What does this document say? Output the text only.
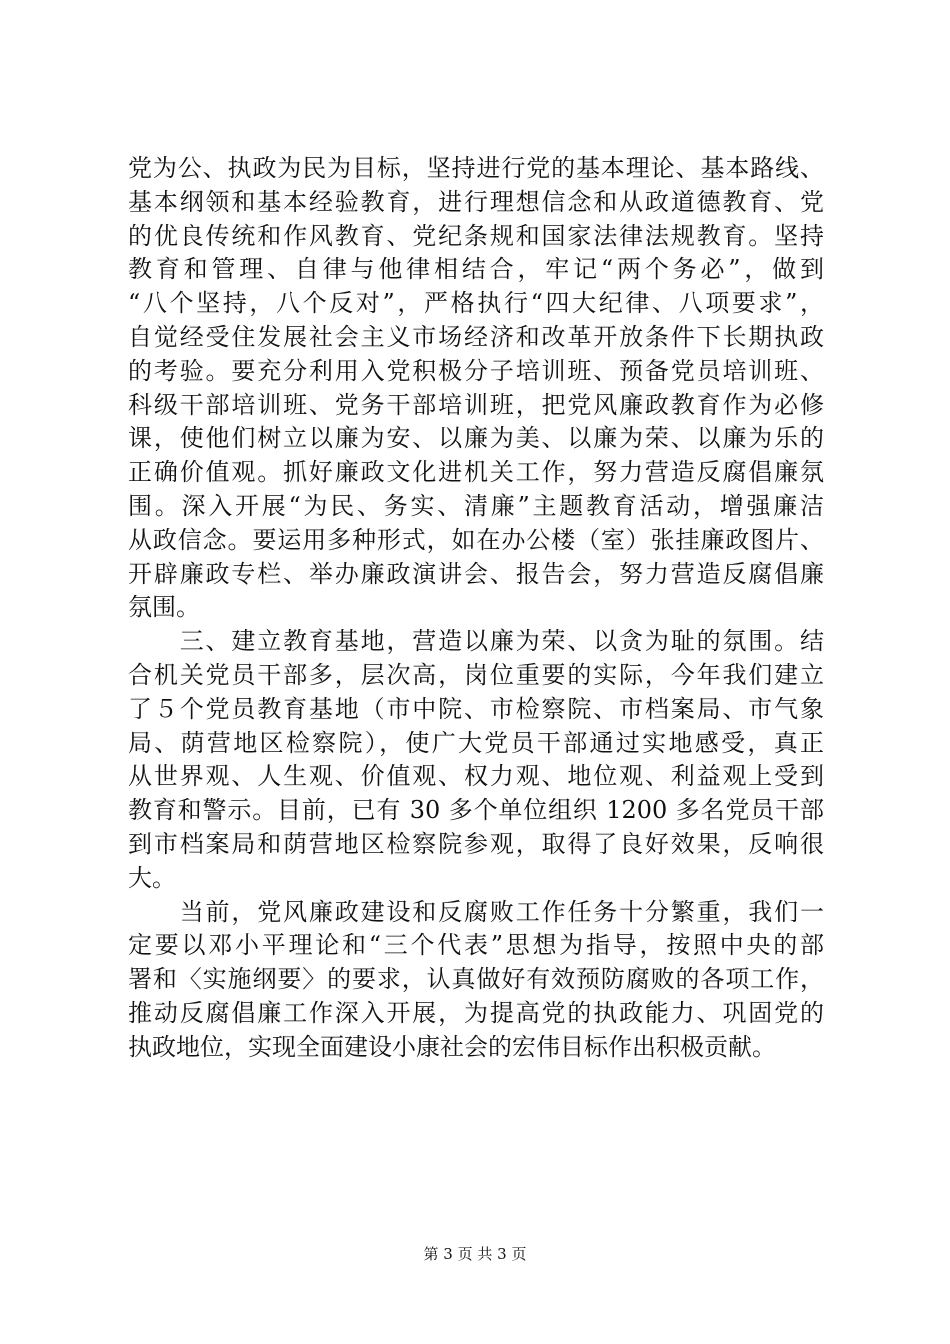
党为公、执政为民为目标，坚持进行党的基本理论、基本路线、
基本纲领和基本经验教育，进行理想信念和从政道德教育、党
的优良传统和作风教育、党纪条规和国家法律法规教育。坚持
教育和管理、自律与他律相结合，牢记“两个务必”，做到
“八个坚持，八个反对”，严格执行“四大纪律、八项要求”，
自觉经受住发展社会主义市场经济和改革开放条件下长期执政
的考验。要充分利用入党积极分子培训班、预备党员培训班、
科级干部培训班、党务干部培训班，把党风廉政教育作为必修
课，使他们树立以廉为安、以廉为美、以廉为荣、以廉为乐的
正确价值观。抓好廉政文化进机关工作，努力营造反腐倡廉氛
围。深入开展“为民、务实、清廉”主题教育活动，增强廉洁
从政信念。要运用多种形式，如在办公楼（室）张挂廉政图片、
开辟廉政专栏、举办廉政演讲会、报告会，努力营造反腐倡廉
氛围。
　　三、建立教育基地，营造以廉为荣、以贪为耻的氛围。结
合机关党员干部多，层次高，岗位重要的实际，今年我们建立
了５个党员教育基地（市中院、市检察院、市档案局、市气象
局、荫营地区检察院），使广大党员干部通过实地感受，真正
从世界观、人生观、价值观、权力观、地位观、利益观上受到
教育和警示。目前，已有 30 多个单位组织 1200 多名党员干部
到市档案局和荫营地区检察院参观，取得了良好效果，反响很
大。
　　当前，党风廉政建设和反腐败工作任务十分繁重，我们一
定要以邓小平理论和“三个代表”思想为指导，按照中央的部
署和〈实施纲要〉的要求，认真做好有效预防腐败的各项工作，
推动反腐倡廉工作深入开展，为提高党的执政能力、巩固党的
执政地位，实现全面建设小康社会的宏伟目标作出积极贡献。
第 3 页 共 3 页
